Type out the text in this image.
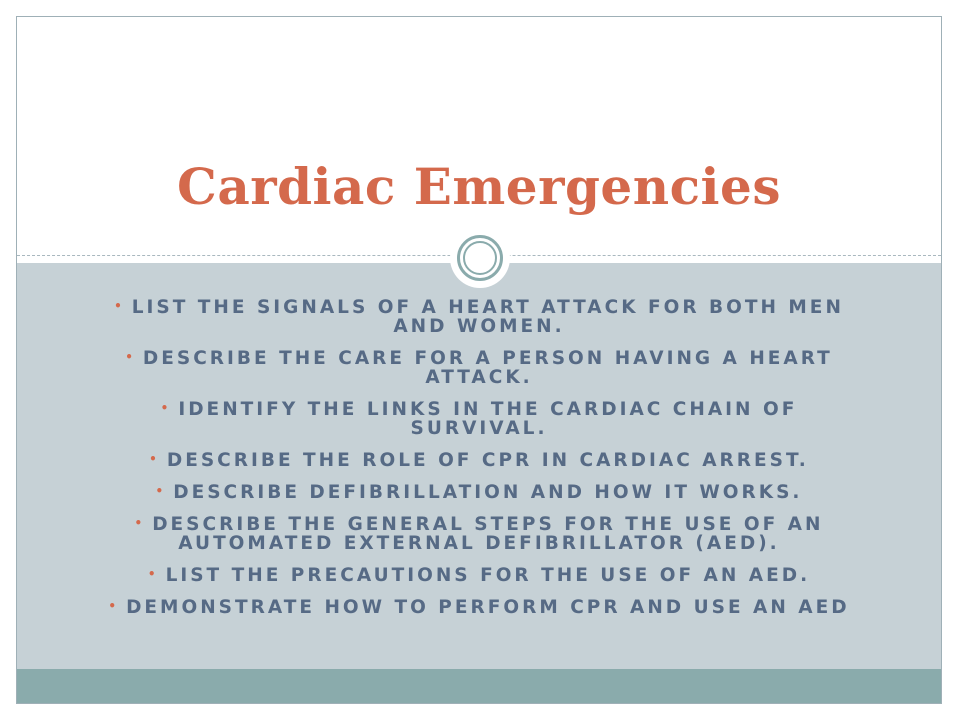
Cardiac Emergencies
• LIST THE SIGNALS OF A HEART ATTACK FOR BOTH MEN AND WOMEN.
• DESCRIBE THE CARE FOR A PERSON HAVING A HEART ATTACK.
• IDENTIFY THE LINKS IN THE CARDIAC CHAIN OF SURVIVAL.
• DESCRIBE THE ROLE OF CPR IN CARDIAC ARREST.
• DESCRIBE DEFIBRILLATION AND HOW IT WORKS.
• DESCRIBE THE GENERAL STEPS FOR THE USE OF AN AUTOMATED EXTERNAL DEFIBRILLATOR (AED).
• LIST THE PRECAUTIONS FOR THE USE OF AN AED.
• DEMONSTRATE HOW TO PERFORM CPR AND USE AN AED
